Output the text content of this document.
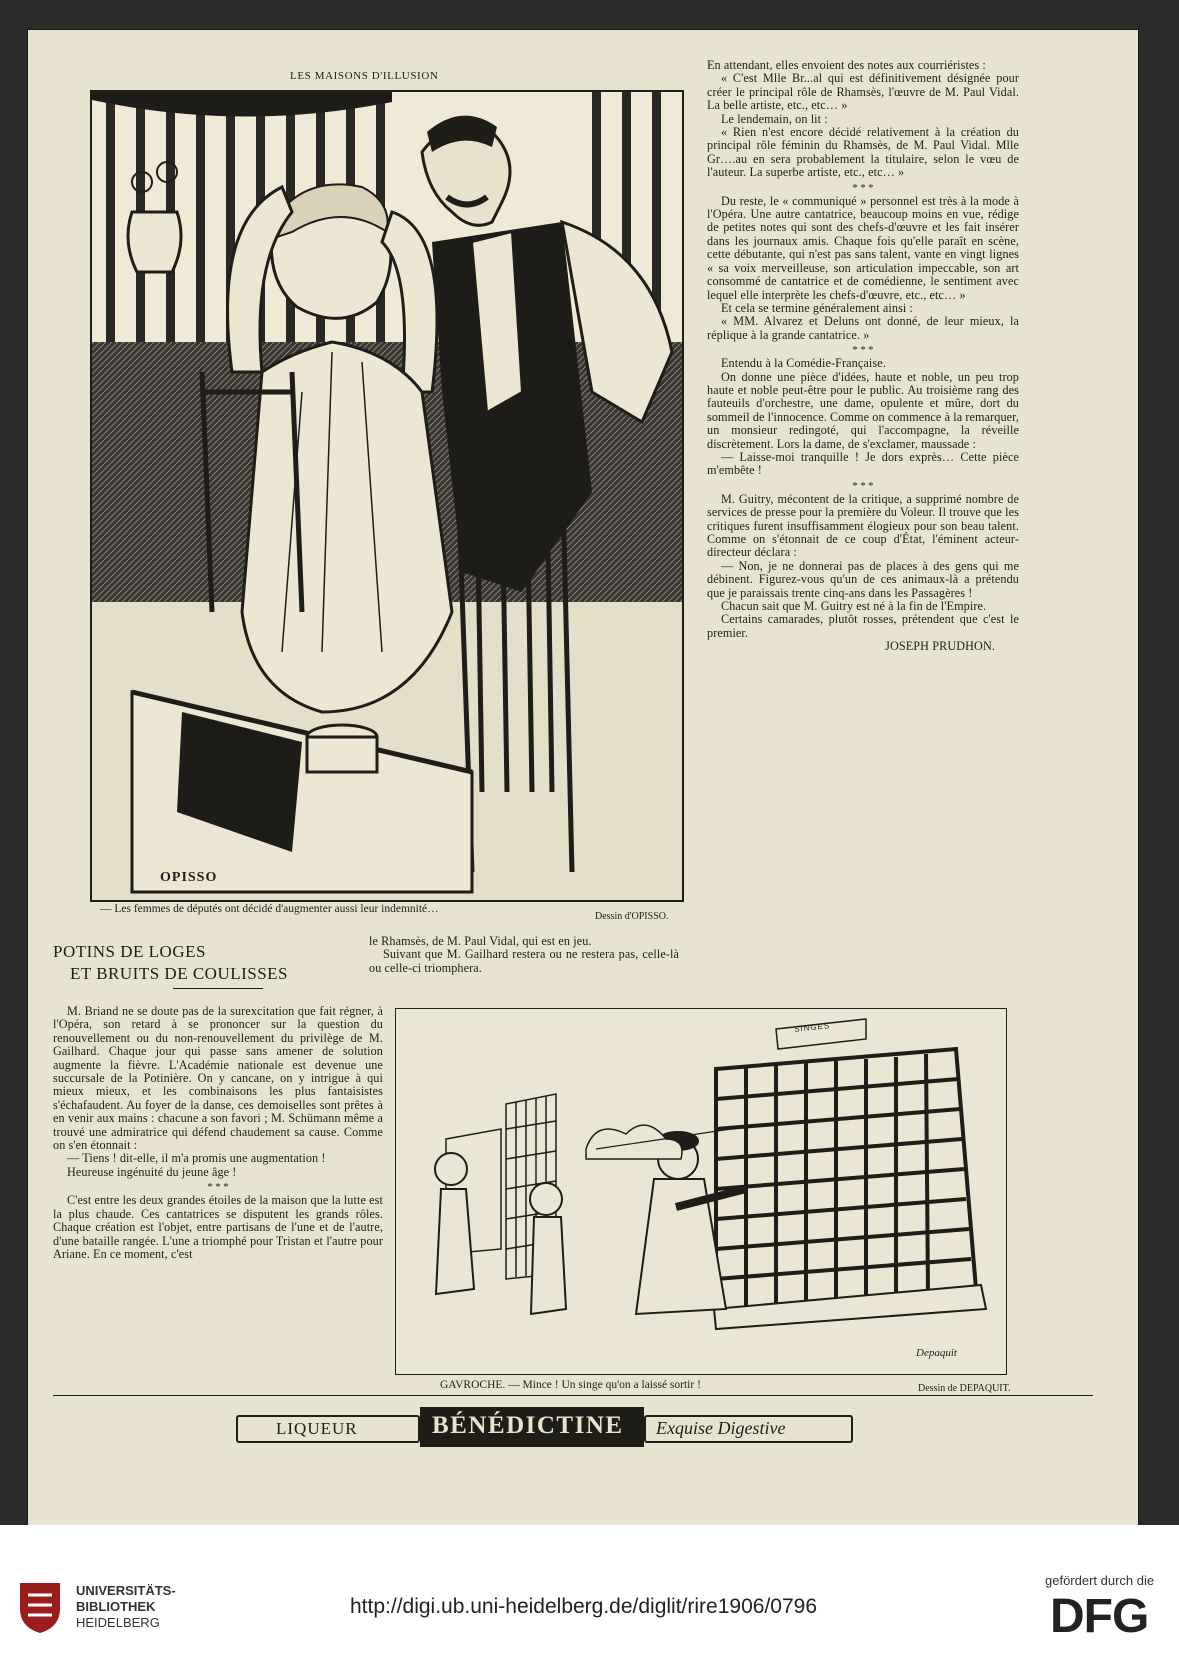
LES MAISONS D'ILLUSION
OPISSO
— Les femmes de députés ont décidé d'augmenter aussi leur indemnité…
Dessin d'OPISSO.

En attendant, elles envoient des notes aux courriéristes :

« C'est Mlle Br...al qui est définitivement désignée pour créer le principal rôle de Rhamsès, l'œuvre de M. Paul Vidal. La belle artiste, etc., etc… »

Le lendemain, on lit :

« Rien n'est encore décidé relativement à la création du principal rôle féminin du Rhamsès, de M. Paul Vidal. Mlle Gr….au en sera probablement la titulaire, selon le vœu de l'auteur. La superbe artiste, etc., etc… »

* * *

Du reste, le « communiqué » personnel est très à la mode à l'Opéra. Une autre cantatrice, beaucoup moins en vue, rédige de petites notes qui sont des chefs-d'œuvre et les fait insérer dans les journaux amis. Chaque fois qu'elle paraît en scène, cette débutante, qui n'est pas sans talent, vante en vingt lignes « sa voix merveilleuse, son articulation impeccable, son art consommé de cantatrice et de comédienne, le sentiment avec lequel elle interprète les chefs-d'œuvre, etc., etc… »

Et cela se termine généralement ainsi :

« MM. Alvarez et Deluns ont donné, de leur mieux, la réplique à la grande cantatrice. »

* * *

Entendu à la Comédie-Française.

On donne une pièce d'idées, haute et noble, un peu trop haute et noble peut-être pour le public. Au troisième rang des fauteuils d'orchestre, une dame, opulente et mûre, dort du sommeil de l'innocence. Comme on commence à la remarquer, un monsieur redingoté, qui l'accompagne, la réveille discrètement. Lors la dame, de s'exclamer, maussade :

— Laisse-moi tranquille ! Je dors exprès… Cette pièce m'embête !

* * *

M. Guitry, mécontent de la critique, a supprimé nombre de services de presse pour la première du Voleur. Il trouve que les critiques furent insuffisamment élogieux pour son beau talent. Comme on s'étonnait de ce coup d'État, l'éminent acteur-directeur déclara :

— Non, je ne donnerai pas de places à des gens qui me débinent. Figurez-vous qu'un de ces animaux-là a prétendu que je paraissais trente cinq-ans dans les Passagères !

Chacun sait que M. Guitry est né à la fin de l'Empire.

Certains camarades, plutôt rosses, prétendent que c'est le premier.

JOSEPH PRUDHON.
POTINS DE LOGES
ET BRUITS DE COULISSES

M. Briand ne se doute pas de la surexcitation que fait régner, à l'Opéra, son retard à se prononcer sur la question du renouvellement ou du non-renouvellement du privilège de M. Gailhard. Chaque jour qui passe sans amener de solution augmente la fièvre. L'Académie nationale est devenue une succursale de la Potinière. On y cancane, on y intrigue à qui mieux mieux, et les combinaisons les plus fantaisistes s'échafaudent. Au foyer de la danse, ces demoiselles sont prêtes à en venir aux mains : chacune a son favori ; M. Schümann même a trouvé une admiratrice qui défend chaudement sa cause. Comme on s'en étonnait :

— Tiens ! dit-elle, il m'a promis une augmentation !

Heureuse ingénuité du jeune âge !

* * *

C'est entre les deux grandes étoiles de la maison que la lutte est la plus chaude. Ces cantatrices se disputent les grands rôles. Chaque création est l'objet, entre partisans de l'une et de l'autre, d'une bataille rangée. L'une a triomphé pour Tristan et l'autre pour Ariane. En ce moment, c'est

le Rhamsès, de M. Paul Vidal, qui est en jeu.

Suivant que M. Gailhard restera ou ne restera pas, celle-là ou celle-ci triomphera.

SINGES
Depaquit
GAVROCHE. — Mince ! Un singe qu'on a laissé sortir !	Dessin de DEPAQUIT.
LIQUEUR	BÉNÉDICTINE Exquise Digestive
UNIVERSITÄTS-
BIBLIOTHEK
HEIDELBERG
http://digi.ub.uni-heidelberg.de/diglit/rire1906/0796
gefördert durch die
DFG
